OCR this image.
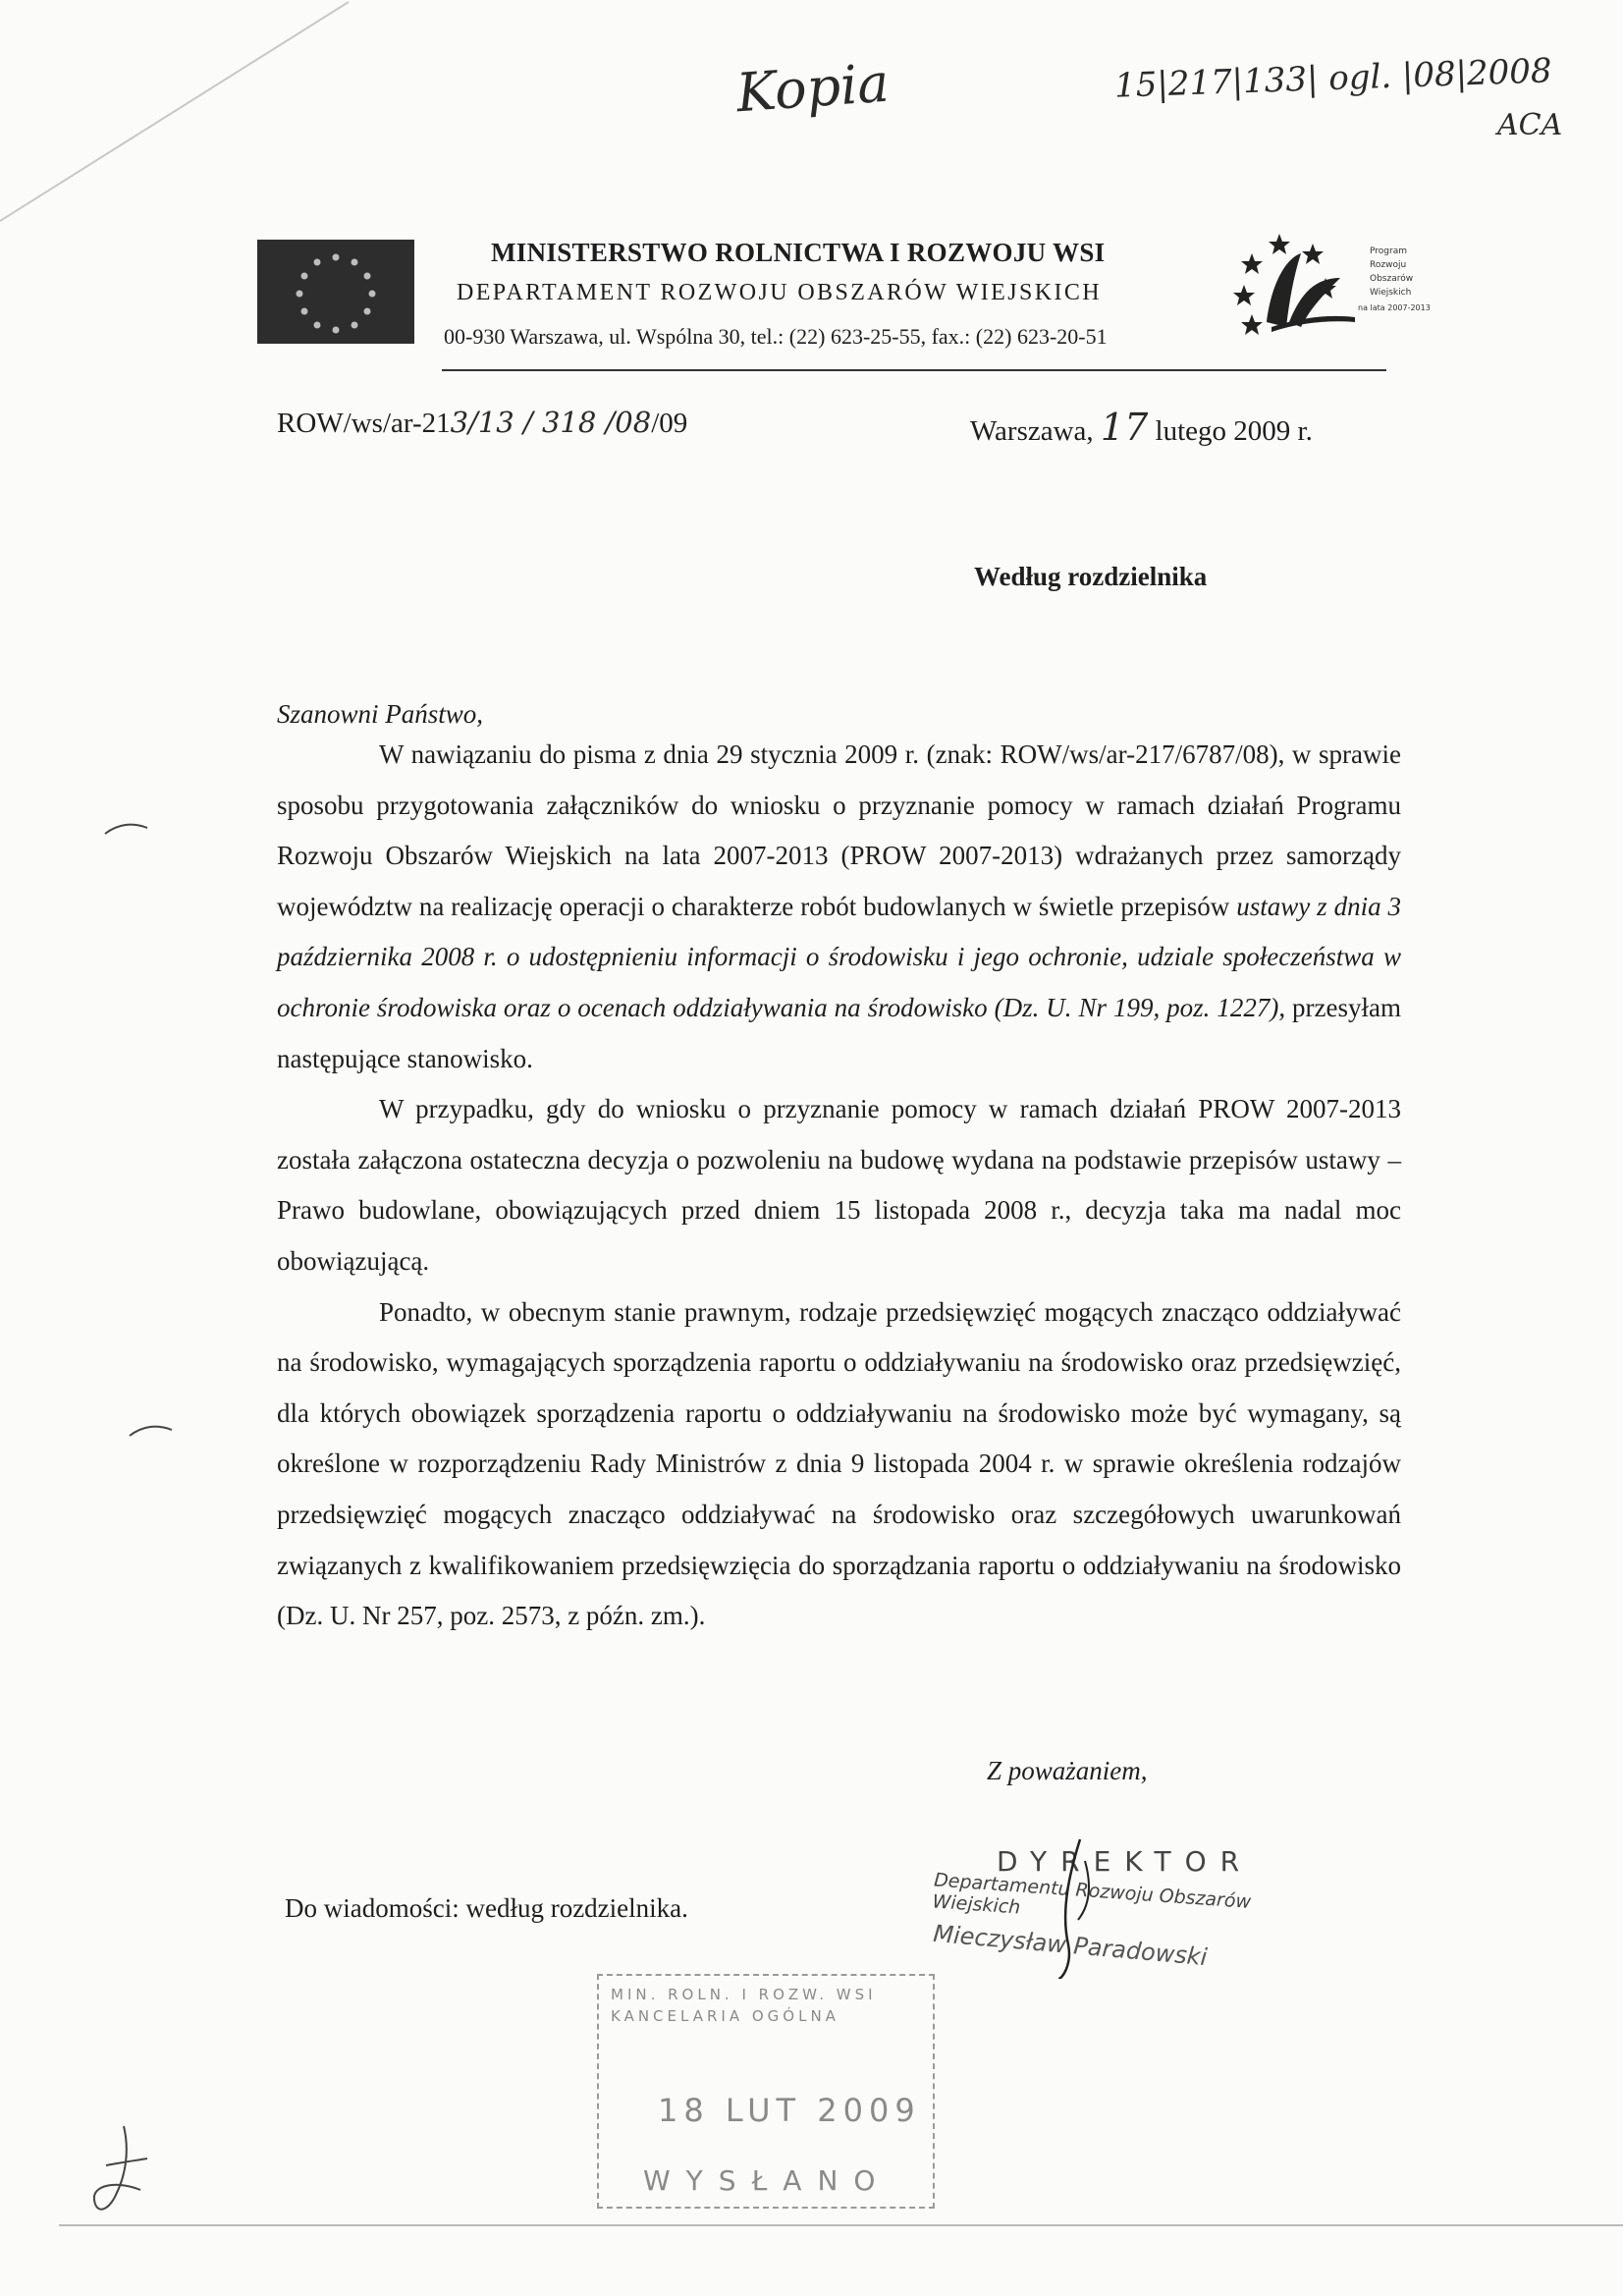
Kopia	15|217|133| ogl. |08|2008
ACA
MINISTERSTWO ROLNICTWA I ROZWOJU WSI
DEPARTAMENT ROZWOJU OBSZARÓW WIEJSKICH
00-930 Warszawa, ul. Wspólna 30, tel.: (22) 623-25-55, fax.: (22) 623-20-51
Program
Rozwoju
Obszarów
Wiejskich
na lata 2007-2013
ROW/ws/ar-213/13 / 318 /08/09	Warszawa, 17 lutego 2009 r.
Według rozdzielnika
Szanowni Państwo,

W nawiązaniu do pisma z dnia 29 stycznia 2009 r. (znak: ROW/ws/ar-217/6787/08), w sprawie sposobu przygotowania załączników do wniosku o przyznanie pomocy w ramach działań Programu Rozwoju Obszarów Wiejskich na lata 2007-2013 (PROW 2007-2013) wdrażanych przez samorządy województw na realizację operacji o charakterze robót budowlanych w świetle przepisów ustawy z dnia 3 października 2008 r. o udostępnieniu informacji o środowisku i jego ochronie, udziale społeczeństwa w ochronie środowiska oraz o ocenach oddziaływania na środowisko (Dz. U. Nr 199, poz. 1227), przesyłam następujące stanowisko.

W przypadku, gdy do wniosku o przyznanie pomocy w ramach działań PROW 2007-2013 została załączona ostateczna decyzja o pozwoleniu na budowę wydana na podstawie przepisów ustawy – Prawo budowlane, obowiązujących przed dniem 15 listopada 2008 r., decyzja taka ma nadal moc obowiązującą.

Ponadto, w obecnym stanie prawnym, rodzaje przedsięwzięć mogących znacząco oddziaływać na środowisko, wymagających sporządzenia raportu o oddziaływaniu na środowisko oraz przedsięwzięć, dla których obowiązek sporządzenia raportu o oddziaływaniu na środowisko może być wymagany, są określone w rozporządzeniu Rady Ministrów z dnia 9 listopada 2004 r. w sprawie określenia rodzajów przedsięwzięć mogących znacząco oddziaływać na środowisko oraz szczegółowych uwarunkowań związanych z kwalifikowaniem przedsięwzięcia do sporządzania raportu o oddziaływaniu na środowisko (Dz. U. Nr 257, poz. 2573, z późn. zm.).

Z poważaniem,
DYREKTOR
Departamentu Rozwoju Obszarów Wiejskich
Mieczysław Paradowski
Do wiadomości: według rozdzielnika.
MIN. ROLN. I ROZW. WSI
KANCELARIA OGÓLNA
18 LUT 2009
WYSŁANO
